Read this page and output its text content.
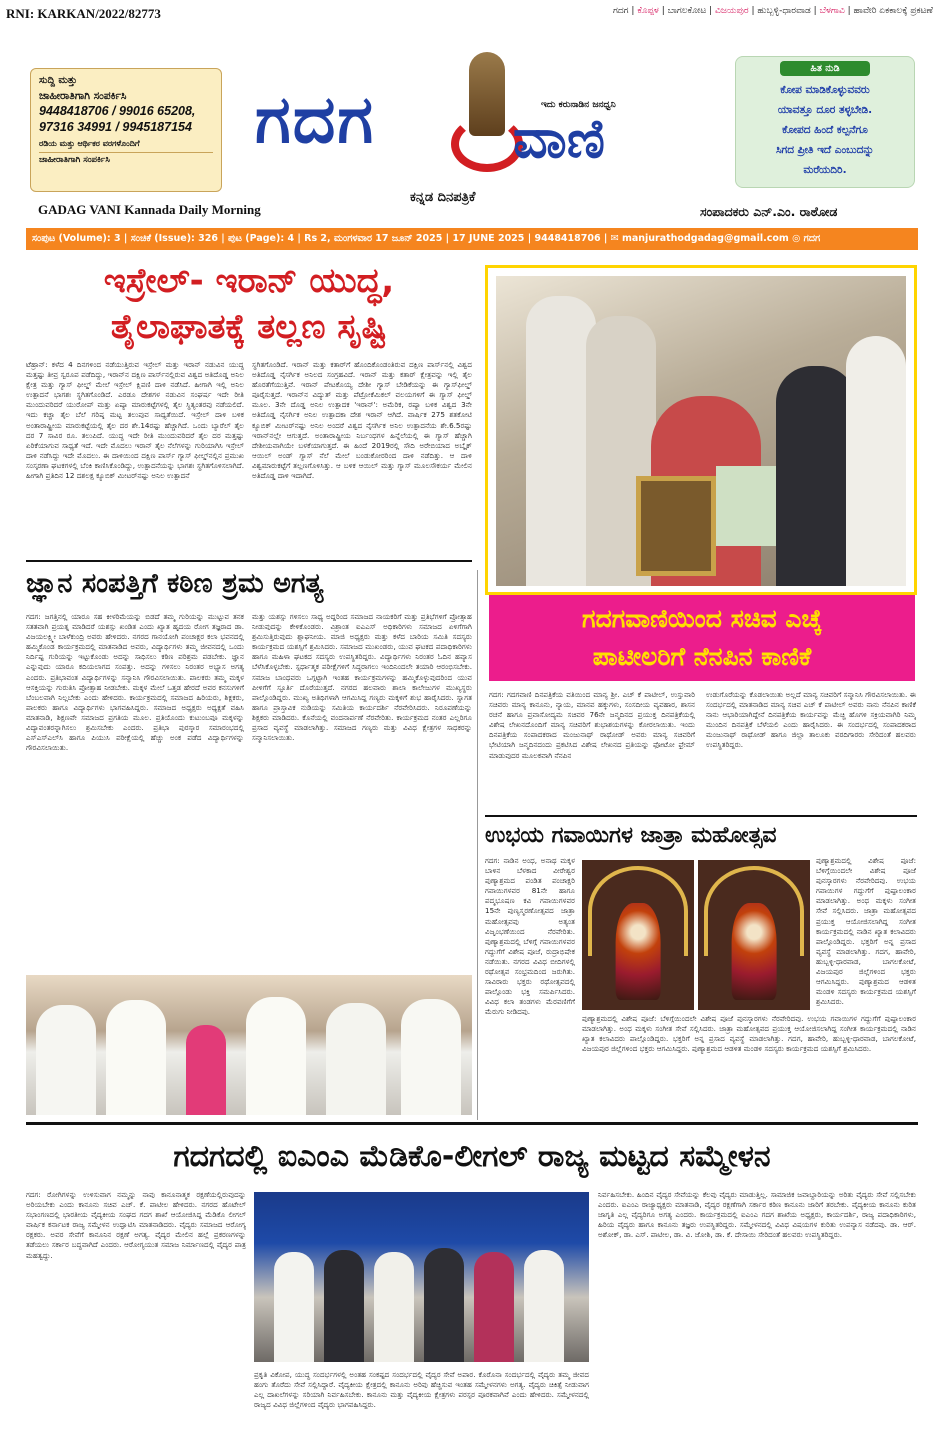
RNI: KARKAN/2022/82773	ಗದಗ | ಕೊಪ್ಪಳ | ಬಾಗಲಕೋಟ | ವಿಜಯಪುರ | ಹುಬ್ಬಳ್ಳಿ-ಧಾರವಾಡ | ಬೆಳಗಾವಿ | ಹಾವೇರಿ ಏಕಕಾಲಕ್ಕೆ ಪ್ರಕಟಣೆ
ಸುದ್ದಿ ಮತ್ತು
ಜಾಹೀರಾತಿಗಾಗಿ ಸಂಪರ್ಕಿಸಿ
9448418706 / 99016 65208,
97316 34991 / 9945187154
ರಡಿಯ ಮತ್ತು ಆರ್ಥಿಕರ ವರಗಳೊಂದಿಗೆ
ಜಾಹೀರಾತಿಗಾಗಿ ಸಂಪರ್ಕಿಸಿ
ಗದಗ	ಇದು ಕರುನಾಡಿನ ಜನಧ್ವನಿ
ವಾಣಿ
ಹಿತ ನುಡಿ
ಕೋಪ ಮಾಡಿಕೊಳ್ಳುವವರು
ಯಾವತ್ತೂ ದೂರ ತಳ್ಳಬೇಡಿ.
ಕೋಪದ ಹಿಂದೆ ಕಲ್ಪನೆಗೂ
ಸಿಗದ ಪ್ರೀತಿ ಇದೆ ಎಂಬುದನ್ನು
ಮರೆಯದಿರಿ.
ಕನ್ನಡ ದಿನಪತ್ರಿಕೆ
GADAG VANI Kannada Daily Morning	ಸಂಪಾದಕರು ಎನ್.ಎಂ. ರಾಠೋಡ
ಸಂಪುಟ (Volume): 3 | ಸಂಚಿಕೆ (Issue): 326 | ಪುಟ (Page): 4 | Rs 2, ಮಂಗಳವಾರ 17 ಜೂನ್ 2025 | 17 JUNE 2025 | 9448418706 | ✉ manjurathodgadag@gmail.com ◎ ಗದಗ
ಇಸ್ರೇಲ್- ಇರಾನ್ ಯುದ್ಧ,
ತೈಲಾಘಾತಕ್ಕೆ ತಲ್ಲಣ ಸೃಷ್ಟಿ
ಟೆಹ್ರಾನ್: ಕಳೆದ 4 ದಿನಗಳಿಂದ ನಡೆಯುತ್ತಿರುವ ಇಸ್ರೇಲ್ ಮತ್ತು ಇರಾನ್ ನಡುವಿನ ಯುದ್ಧ ಮತ್ತಷ್ಟು ತೀವ್ರ ಸ್ವರೂಪ ಪಡೆದಿದ್ದು, ಇರಾನ್‌ನ ದಕ್ಷಿಣ ಪಾರ್ಸ್‌ನಲ್ಲಿರುವ ವಿಶ್ವದ ಅತಿದೊಡ್ಡ ಅನಿಲ ಕ್ಷೇತ್ರ ಮತ್ತು ಗ್ಯಾಸ್ ಫೀಲ್ಡ್ ಮೇಲೆ ಇಸ್ರೇಲ್ ಕ್ಷಿಪಣಿ ದಾಳಿ ನಡೆಸಿದೆ. ಹೀಗಾಗಿ ಇಲ್ಲಿ ಅನಿಲ ಉತ್ಪಾದನೆ ಭಾಗಶಃ ಸ್ಥಗಿತಗೊಂಡಿದೆ. ಎರಡೂ ದೇಶಗಳ ನಡುವಿನ ಸಂಘರ್ಷ ಇದೇ ರೀತಿ ಮುಂದುವರಿದರೆ ಯುರೋಪ್ ಮತ್ತು ಏಷ್ಯಾ ಮಾರುಕಟ್ಟೆಗಳಲ್ಲಿ ತೈಲ ಸ್ಥಿತ್ಯಂತರವು ನಡೆಯಲಿದೆ. ಇದು ಕಚ್ಚಾ ತೈಲ ಬೆಲೆ ಗರಿಷ್ಠ ಮಟ್ಟ ತಲುಪುವ ಸಾಧ್ಯತೆಯಿದೆ. ಇಸ್ರೇಲ್ ದಾಳಿ ಬಳಿಕ ಅಂತಾರಾಷ್ಟ್ರೀಯ ಮಾರುಕಟ್ಟೆಯಲ್ಲಿ ತೈಲ ದರ ಶೇ.14ರಷ್ಟು ಹೆಚ್ಚಾಗಿದೆ. ಒಂದು ಬ್ಯಾರೆಲ್ ತೈಲ ದರ 7 ಸಾವಿರ ರೂ. ತಲುಪಿದೆ. ಯುದ್ಧ ಇದೇ ರೀತಿ ಮುಂದುವರಿದರೆ ತೈಲ ದರ ಮತ್ತಷ್ಟು ಏರಿಕೆಯಾಗುವ ಸಾಧ್ಯತೆ ಇದೆ. ಇದೇ ಮೊದಲು ಇರಾನ್ ತೈಲ ನೆಲೆಗಳನ್ನು ಗುರಿಯಾಗಿಸಿ ಇಸ್ರೇಲ್ ದಾಳಿ ನಡೆಸಿದ್ದು ಇದೇ ಮೊದಲು. ಈ ದಾಳಿಯಿಂದ ದಕ್ಷಿಣ ಪಾರ್ಸ್ ಗ್ಯಾಸ್ ಫೀಲ್ಡ್‌ನಲ್ಲಿನ ಪ್ರಮುಖ ಸಂಸ್ಕರಣಾ ಘಟಕಗಳಲ್ಲಿ ಬೆಂಕಿ ಕಾಣಿಸಿಕೊಂಡಿದ್ದು, ಉತ್ಪಾದನೆಯನ್ನು ಭಾಗಶಃ ಸ್ಥಗಿತಗೊಳಿಸಲಾಗಿದೆ. ಹೀಗಾಗಿ ಪ್ರತಿದಿನ 12 ದಶಲಕ್ಷ ಕ್ಯೂಬಿಕ್ ಮೀಟರ್‌ನಷ್ಟು ಅನಿಲ ಉತ್ಪಾದನೆ
ಸ್ಥಗಿತಗೊಂಡಿದೆ. ಇರಾನ್ ಮತ್ತು ಕತಾರ್‌ಗೆ ಹೊಂದಿಕೊಂಡಂತಿರುವ ದಕ್ಷಿಣ ಪಾರ್ಸ್‌ನಲ್ಲಿ ವಿಶ್ವದ ಅತಿದೊಡ್ಡ ನೈಸರ್ಗಿಕ ಅನಿಲದ ಸಂಗ್ರಹವಿದೆ. ಇರಾನ್ ಮತ್ತು ಕತಾರ್ ಕ್ಷೇತ್ರವನ್ನು ಇಲ್ಲಿ ತೈಲ ಹೊರತೆಗೆಯುತ್ತಿವೆ. ಇರಾನ್ ಪೇಟಕೊಯ್ಯ ದೇಶೀ ಗ್ಯಾಸ್ ಬೇಡಿಕೆಯನ್ನು ಈ ಗ್ಯಾಸ್‌ಫೀಲ್ಡ್ ಪೂರೈಸುತ್ತದೆ. ಇರಾನ್‌ನ ವಿದ್ಯುತ್ ಮತ್ತು ಪೆಟ್ರೋಕೆಮಿಕಲ್ ವಲಯಗಳಿಗೆ ಈ ಗ್ಯಾಸ್ ಫೀಲ್ಡ್ ಮೂಲ. 3ನೇ ದೊಡ್ಡ ಅನಿಲ ಉತ್ಪಾದಕ 'ಇರಾನ್': ಅಮೆರಿಕ, ರಷ್ಯಾ ಬಳಿಕ ವಿಶ್ವದ 3ನೇ ಅತಿದೊಡ್ಡ ನೈಸರ್ಗಿಕ ಅನಿಲ ಉತ್ಪಾದಕಾ ದೇಶ ಇರಾನ್ ಆಗಿದೆ. ವಾರ್ಷಿಕ 275 ಶತಕೋಟಿ ಕ್ಯೂಬಿಕ್ ಮೀಟರ್‌ನಷ್ಟು ಅನಿಲ ಅಂದರೆ ವಿಶ್ವದ ನೈಸರ್ಗಿಕ ಅನಿಲ ಉತ್ಪಾದನೆಯ ಶೇ.6.5ರಷ್ಟು ಇರಾನ್‌ನಲ್ಲೇ ಆಗುತ್ತದೆ. ಅಂತಾರಾಷ್ಟ್ರೀಯ ನಿರ್ಬಂಧಗಳ ಹಿನ್ನೆಲೆಯಲ್ಲಿ ಈ ಗ್ಯಾಸ್ ಹೆಚ್ಚಾಗಿ ದೇಶೀಯವಾಗಿಯೇ ಬಳಕೆಯಾಗುತ್ತದೆ. ಈ ಹಿಂದೆ 2019ರಲ್ಲಿ ಸೌದಿ ಅರೇಬಿಯಾದ ಅಬ್ಕೈಕ್ ಆಯಿಲ್ ಅಂಡ್ ಗ್ಯಾಸ್ ನೆಲೆ ಮೇಲೆ ಬಂಡುಕೋರರಿಂದ ದಾಳಿ ನಡೆದಿತ್ತು. ಆ ದಾಳಿ ವಿಶ್ವಮಾರುಕಟ್ಟೆಗೆ ತಲ್ಲಣಗೊಳಿಸಿತ್ತು. ಆ ಬಳಿಕ ಆಯಿಲ್ ಮತ್ತು ಗ್ಯಾಸ್ ಮೂಲಸೌಕರ್ಯ ಮೇಲಿನ ಅತಿದೊಡ್ಡ ದಾಳಿ ಇದಾಗಿದೆ.
ಗದಗವಾಣಿಯಿಂದ ಸಚಿವ ಎಚ್ಕೆ
ಪಾಟೀಲರಿಗೆ ನೆನಪಿನ ಕಾಣಿಕೆ
ಗದಗ: ಗದಗವಾಣಿ ದಿನಪತ್ರಿಕೆಯ ವತಿಯಿಂದ ಮಾನ್ಯ ಶ್ರೀ. ಎಚ್ ಕೆ ಪಾಟೀಲ್, ಉಸ್ತುವಾರಿ ಸಚಿವರು ಮಾನ್ಯ ಕಾನೂನು, ನ್ಯಾಯ, ಮಾನವ ಹಕ್ಕುಗಳು, ಸಂಸದೀಯ ವ್ಯವಹಾರ, ಶಾಸನ ರಚನೆ ಹಾಗೂ ಪ್ರವಾಸೋದ್ಯಮ ಸಚಿವರ 76ನೇ ಜನ್ಮದಿನದ ಪ್ರಯುಕ್ತ ದಿನಪತ್ರಿಕೆಯಲ್ಲಿ ವಿಶೇಷ ಲೇಖನದೊಂದಿಗೆ ಮಾನ್ಯ ಸಚಿವರಿಗೆ ಶುಭಾಶಯಗಳನ್ನು ಕೋರಲಾಯಿತು. ಇಂದು ದಿನಪತ್ರಿಕೆಯ ಸಂಪಾದಕರಾದ ಮಂಜುನಾಥ್ ರಾಥೋಡ್ ಅವರು ಮಾನ್ಯ ಸಚಿವರಿಗೆ ಭೇಟಿಯಾಗಿ ಜನ್ಮದಿನದಂದು ಪ್ರಕಟಿಸಿದ ವಿಶೇಷ ಲೇಖನದ ಪ್ರತಿಯನ್ನು ಫೋಟೋ ಫ್ರೇಮ್ ಮಾಡುವುದರ ಮೂಲಕವಾಗಿ ನೆನಪಿನ
ಉಡುಗೊರೆಯನ್ನು ಕೊಡಲಾಯಿತು ಅಲ್ಲದೆ ಮಾನ್ಯ ಸಚಿವರಿಗೆ ಸನ್ಮಾನಿಸಿ ಗೌರವಿಸಲಾಯಿತು. ಈ ಸಂದರ್ಭದಲ್ಲಿ ಮಾತನಾಡಿದ ಮಾನ್ಯ ಸಚಿವ ಎಚ್ ಕೆ ಪಾಟೀಲ್ ಅವರು ನಾನು ನೆನಪಿನ ಕಾಣಿಕೆ ನಾನು ಆಭಾರಿಯಾಗಿದ್ದೇನೆ ದಿನಪತ್ರಿಕೆಯ ಕಾರ್ಯವನ್ನು ಮೆಚ್ಚಿ ಹೊಗಳಿ ಸಕ್ರಿಯವಾಗಿರಿ ನಿಮ್ಮ ಮುಂದಿನ ದಿನಪತ್ರಿಕೆ ಬೆಳೆಯಲಿ ಎಂದು ಹಾರೈಸಿದರು. ಈ ಸಂದರ್ಭದಲ್ಲಿ ಸಂಪಾದಕರಾದ ಮಂಜುನಾಥ್ ರಾಥೋಡ್ ಹಾಗೂ ಜಿಲ್ಲಾ ತಾಲೂಕು ವರದಿಗಾರರು ಸೇರಿದಂತೆ ಹಲವರು ಉಪಸ್ಥಿತರಿದ್ದರು.
ಜ್ಞಾನ ಸಂಪತ್ತಿಗೆ ಕಠಿಣ ಶ್ರಮ ಅಗತ್ಯ
ಗದಗ: ಜಗತ್ತಿನಲ್ಲಿ ಯಾರೂ ಸಹ ಕೀಳರಿಮೆಯನ್ನು ಬಿಡದೆ ತಮ್ಮ ಗುರಿಯನ್ನು ಮುಟ್ಟುವ ತನಕ ಸತತವಾಗಿ ಪ್ರಯತ್ನ ಮಾಡಿದರೆ ಯಶಸ್ಸು ಖಂಡಿತ ಎಂದು ಖ್ಯಾತ ಹೃದಯ ರೋಗ ತಜ್ಞರಾದ ಡಾ. ವಿಜಯಲಕ್ಷ್ಮೀ ಬಾಳೆಕುಂದ್ರಿ ಅವರು ಹೇಳಿದರು. ನಗರದ ಗಾನಯೋಗಿ ಪಂಚಾಕ್ಷರ ಕಲಾ ಭವನದಲ್ಲಿ ಹಮ್ಮಿಕೊಂಡ ಕಾರ್ಯಕ್ರಮದಲ್ಲಿ ಮಾತನಾಡಿದ ಅವರು, ವಿದ್ಯಾರ್ಥಿಗಳು ತಮ್ಮ ಜೀವನದಲ್ಲಿ ಒಂದು ನಿರ್ದಿಷ್ಟ ಗುರಿಯನ್ನು ಇಟ್ಟುಕೊಂಡು ಅದನ್ನು ಸಾಧಿಸಲು ಕಠಿಣ ಪರಿಶ್ರಮ ಪಡಬೇಕು. ಜ್ಞಾನ ಎನ್ನುವುದು ಯಾರೂ ಕದಿಯಲಾಗದ ಸಂಪತ್ತು. ಅದನ್ನು ಗಳಿಸಲು ನಿರಂತರ ಅಭ್ಯಾಸ ಅಗತ್ಯ ಎಂದರು. ಪ್ರತಿಭಾವಂತ ವಿದ್ಯಾರ್ಥಿಗಳನ್ನು ಸನ್ಮಾನಿಸಿ ಗೌರವಿಸಲಾಯಿತು. ಪಾಲಕರು ತಮ್ಮ ಮಕ್ಕಳ ಆಸಕ್ತಿಯನ್ನು ಗುರುತಿಸಿ ಪ್ರೋತ್ಸಾಹ ನೀಡಬೇಕು. ಮಕ್ಕಳ ಮೇಲೆ ಒತ್ತಡ ಹೇರದೆ ಅವರ ಕನಸುಗಳಿಗೆ ಬೆಂಬಲವಾಗಿ ನಿಲ್ಲಬೇಕು ಎಂದು ಹೇಳಿದರು. ಕಾರ್ಯಕ್ರಮದಲ್ಲಿ ಸಮಾಜದ ಹಿರಿಯರು, ಶಿಕ್ಷಕರು, ಪಾಲಕರು ಹಾಗೂ ವಿದ್ಯಾರ್ಥಿಗಳು ಭಾಗವಹಿಸಿದ್ದರು. ಸಮಾಜದ ಅಧ್ಯಕ್ಷರು ಅಧ್ಯಕ್ಷತೆ ವಹಿಸಿ ಮಾತನಾಡಿ, ಶಿಕ್ಷಣವೇ ಸಮಾಜದ ಪ್ರಗತಿಯ ಮೂಲ. ಪ್ರತಿಯೊಂದು ಕುಟುಂಬವೂ ಮಕ್ಕಳನ್ನು ವಿದ್ಯಾವಂತರನ್ನಾಗಿಸಲು ಶ್ರಮಿಸಬೇಕು ಎಂದರು. ಪ್ರತಿಭಾ ಪುರಸ್ಕಾರ ಸಮಾರಂಭದಲ್ಲಿ ಎಸ್‌ಎಸ್‌ಎಲ್‌ಸಿ ಹಾಗೂ ಪಿಯುಸಿ ಪರೀಕ್ಷೆಯಲ್ಲಿ ಹೆಚ್ಚು ಅಂಕ ಪಡೆದ ವಿದ್ಯಾರ್ಥಿಗಳನ್ನು ಗೌರವಿಸಲಾಯಿತು.
ಮತ್ತು ಯಶಸ್ಸು ಗಳಿಸಲು ಸಾಧ್ಯ ಅದ್ದರಿಂದ ಸಮಾಜದ ನಾಯಕರಿಗೆ ಮತ್ತು ಪ್ರತಿಭೆಗಳಿಗೆ ಪ್ರೋತ್ಸಾಹ ನೀಡುವುದನ್ನು ಕೇಳಿಕೊಂಡರು. ವಿಶ್ರಾಂತ ಐಎಎಸ್ ಅಧಿಕಾರಿಗಳು ಸಮಾಜದ ಏಳಿಗೆಗಾಗಿ ಶ್ರಮಿಸುತ್ತಿರುವುದು ಶ್ಲಾಘನೀಯ. ಮಾಜಿ ಅಧ್ಯಕ್ಷರು ಮತ್ತು ಕಳೆದ ಬಾರಿಯ ಸಮಿತಿ ಸದಸ್ಯರು ಕಾರ್ಯಕ್ರಮದ ಯಶಸ್ಸಿಗೆ ಶ್ರಮಿಸಿದರು. ಸಮಾಜದ ಮುಖಂಡರು, ಯುವ ಘಟಕದ ಪದಾಧಿಕಾರಿಗಳು ಹಾಗೂ ಮಹಿಳಾ ಘಟಕದ ಸದಸ್ಯರು ಉಪಸ್ಥಿತರಿದ್ದರು. ವಿದ್ಯಾರ್ಥಿಗಳು ನಿರಂತರ ಓದಿನ ಹವ್ಯಾಸ ಬೆಳೆಸಿಕೊಳ್ಳಬೇಕು. ಸ್ಪರ್ಧಾತ್ಮಕ ಪರೀಕ್ಷೆಗಳಿಗೆ ಸಿದ್ಧರಾಗಲು ಇಂದಿನಿಂದಲೇ ತಯಾರಿ ಆರಂಭಿಸಬೇಕು. ಸಮಾಜ ಬಾಂಧವರು ಒಗ್ಗಟ್ಟಾಗಿ ಇಂತಹ ಕಾರ್ಯಕ್ರಮಗಳನ್ನು ಹಮ್ಮಿಕೊಳ್ಳುವುದರಿಂದ ಯುವ ಪೀಳಿಗೆಗೆ ಸ್ಫೂರ್ತಿ ದೊರೆಯುತ್ತದೆ. ನಗರದ ಹಲವಾರು ಶಾಲಾ ಕಾಲೇಜುಗಳ ಮುಖ್ಯಸ್ಥರು ಪಾಲ್ಗೊಂಡಿದ್ದರು. ಮುಖ್ಯ ಅತಿಥಿಗಳಾಗಿ ಆಗಮಿಸಿದ್ದ ಗಣ್ಯರು ಮಕ್ಕಳಿಗೆ ಶುಭ ಹಾರೈಸಿದರು. ಸ್ವಾಗತ ಹಾಗೂ ಪ್ರಾಸ್ತಾವಿಕ ನುಡಿಯನ್ನು ಸಮಿತಿಯ ಕಾರ್ಯದರ್ಶಿ ನೆರವೇರಿಸಿದರು. ನಿರೂಪಣೆಯನ್ನು ಶಿಕ್ಷಕರು ಮಾಡಿದರು. ಕೊನೆಯಲ್ಲಿ ವಂದನಾರ್ಪಣೆ ನೆರವೇರಿತು. ಕಾರ್ಯಕ್ರಮದ ನಂತರ ಎಲ್ಲರಿಗೂ ಪ್ರಸಾದ ವ್ಯವಸ್ಥೆ ಮಾಡಲಾಗಿತ್ತು. ಸಮಾಜದ ಗಣ್ಯರು ಮತ್ತು ವಿವಿಧ ಕ್ಷೇತ್ರಗಳ ಸಾಧಕರನ್ನು ಸನ್ಮಾನಿಸಲಾಯಿತು.
ಉಭಯ ಗವಾಯಿಗಳ ಜಾತ್ರಾ ಮಹೋತ್ಸವ
ಗದಗ: ನಾಡಿನ ಅಂಧ, ಅನಾಥ ಮಕ್ಕಳ ಬಾಳಿನ ಬೆಳಕಾದ ವೀರೇಶ್ವರ ಪುಣ್ಯಾಶ್ರಮದ ಪಂಡಿತ ಪಂಚಾಕ್ಷರಿ ಗವಾಯಿಗಳವರ 81ನೇ ಹಾಗೂ ಪದ್ಮಭೂಷಣ ಕವಿ ಗವಾಯಿಗಳವರ 15ನೇ ಪುಣ್ಯಸ್ಮರಣೋತ್ಸವದ ಜಾತ್ರಾ ಮಹೋತ್ಸವವು ಅತ್ಯಂತ ವಿಜೃಂಭಣೆಯಿಂದ ನೆರವೇರಿತು. ಪುಣ್ಯಾಶ್ರಮದಲ್ಲಿ ಬೆಳಿಗ್ಗೆ ಗವಾಯಿಗಳವರ ಗದ್ದುಗೆಗೆ ವಿಶೇಷ ಪೂಜೆ, ರುದ್ರಾಭಿಷೇಕ ನಡೆಯಿತು. ನಗರದ ವಿವಿಧ ಬೀದಿಗಳಲ್ಲಿ ರಥೋತ್ಸವ ಸಂಭ್ರಮದಿಂದ ಜರುಗಿತು. ಸಾವಿರಾರು ಭಕ್ತರು ರಥೋತ್ಸವದಲ್ಲಿ ಪಾಲ್ಗೊಂಡು ಭಕ್ತಿ ಸಮರ್ಪಿಸಿದರು. ವಿವಿಧ ಕಲಾ ತಂಡಗಳು ಮೆರವಣಿಗೆಗೆ ಮೆರುಗು ನೀಡಿದವು.
ಪುಣ್ಯಾಶ್ರಮದಲ್ಲಿ ವಿಶೇಷ ಪೂಜೆ: ಬೆಳಿಗ್ಗೆಯಿಂದಲೇ ವಿಶೇಷ ಪೂಜೆ ಪುನಸ್ಕಾರಗಳು ನೆರವೇರಿದವು. ಉಭಯ ಗವಾಯಿಗಳ ಗದ್ದುಗೆಗೆ ಪುಷ್ಪಾಲಂಕಾರ ಮಾಡಲಾಗಿತ್ತು. ಅಂಧ ಮಕ್ಕಳು ಸಂಗೀತ ಸೇವೆ ಸಲ್ಲಿಸಿದರು. ಜಾತ್ರಾ ಮಹೋತ್ಸವದ ಪ್ರಯುಕ್ತ ಆಯೋಜಿಸಲಾಗಿದ್ದ ಸಂಗೀತ ಕಾರ್ಯಕ್ರಮದಲ್ಲಿ ನಾಡಿನ ಖ್ಯಾತ ಕಲಾವಿದರು ಪಾಲ್ಗೊಂಡಿದ್ದರು. ಭಕ್ತರಿಗೆ ಅನ್ನ ಪ್ರಸಾದ ವ್ಯವಸ್ಥೆ ಮಾಡಲಾಗಿತ್ತು. ಗದಗ, ಹಾವೇರಿ, ಹುಬ್ಬಳ್ಳಿ-ಧಾರವಾಡ, ಬಾಗಲಕೋಟೆ, ವಿಜಯಪುರ ಜಿಲ್ಲೆಗಳಿಂದ ಭಕ್ತರು ಆಗಮಿಸಿದ್ದರು. ಪುಣ್ಯಾಶ್ರಮದ ಆಡಳಿತ ಮಂಡಳಿ ಸದಸ್ಯರು ಕಾರ್ಯಕ್ರಮದ ಯಶಸ್ಸಿಗೆ ಶ್ರಮಿಸಿದರು.
ಪುಣ್ಯಾಶ್ರಮದಲ್ಲಿ ವಿಶೇಷ ಪೂಜೆ: ಬೆಳಿಗ್ಗೆಯಿಂದಲೇ ವಿಶೇಷ ಪೂಜೆ ಪುನಸ್ಕಾರಗಳು ನೆರವೇರಿದವು. ಉಭಯ ಗವಾಯಿಗಳ ಗದ್ದುಗೆಗೆ ಪುಷ್ಪಾಲಂಕಾರ ಮಾಡಲಾಗಿತ್ತು. ಅಂಧ ಮಕ್ಕಳು ಸಂಗೀತ ಸೇವೆ ಸಲ್ಲಿಸಿದರು. ಜಾತ್ರಾ ಮಹೋತ್ಸವದ ಪ್ರಯುಕ್ತ ಆಯೋಜಿಸಲಾಗಿದ್ದ ಸಂಗೀತ ಕಾರ್ಯಕ್ರಮದಲ್ಲಿ ನಾಡಿನ ಖ್ಯಾತ ಕಲಾವಿದರು ಪಾಲ್ಗೊಂಡಿದ್ದರು. ಭಕ್ತರಿಗೆ ಅನ್ನ ಪ್ರಸಾದ ವ್ಯವಸ್ಥೆ ಮಾಡಲಾಗಿತ್ತು. ಗದಗ, ಹಾವೇರಿ, ಹುಬ್ಬಳ್ಳಿ-ಧಾರವಾಡ, ಬಾಗಲಕೋಟೆ, ವಿಜಯಪುರ ಜಿಲ್ಲೆಗಳಿಂದ ಭಕ್ತರು ಆಗಮಿಸಿದ್ದರು. ಪುಣ್ಯಾಶ್ರಮದ ಆಡಳಿತ ಮಂಡಳಿ ಸದಸ್ಯರು ಕಾರ್ಯಕ್ರಮದ ಯಶಸ್ಸಿಗೆ ಶ್ರಮಿಸಿದರು.
ಗದಗದಲ್ಲಿ ಐಎಂಎ ಮೆಡಿಕೊ-ಲೀಗಲ್ ರಾಜ್ಯ ಮಟ್ಟದ ಸಮ್ಮೇಳನ
ಗದಗ: ರೋಗಿಗಳನ್ನು ಉಳಿಸುವಾಗ ನಮ್ಮನ್ನು ನಾವು ಕಾನೂನಾತ್ಮಕ ರಕ್ಷಣೆಯಲ್ಲಿರುವುದನ್ನು ಅರಿಯಬೇಕು ಎಂದು ಕಾನೂನು ಸಚಿವ ಎಚ್. ಕೆ. ಪಾಟೀಲ ಹೇಳಿದರು. ನಗರದ ಹೊಟೇಲ್ ಸಭಾಂಗಣದಲ್ಲಿ ಭಾರತೀಯ ವೈದ್ಯಕೀಯ ಸಂಘದ ಗದಗ ಶಾಖೆ ಆಯೋಜಿಸಿದ್ದ ಮೆಡಿಕೊ ಲೀಗಲ್ ವಾರ್ಷಿಕ ಕರ್ನಾಟಕ ರಾಜ್ಯ ಸಮ್ಮೇಳನ ಉದ್ಘಾಟಿಸಿ ಮಾತನಾಡಿದರು. ವೈದ್ಯರು ಸಮಾಜದ ಆರೋಗ್ಯ ರಕ್ಷಕರು. ಅವರ ಸೇವೆಗೆ ಕಾನೂನಿನ ರಕ್ಷಣೆ ಅಗತ್ಯ. ವೈದ್ಯರ ಮೇಲಿನ ಹಲ್ಲೆ ಪ್ರಕರಣಗಳನ್ನು ತಡೆಯಲು ಸರ್ಕಾರ ಬದ್ಧವಾಗಿದೆ ಎಂದರು. ಆರೋಗ್ಯಯುತ ಸಮಾಜ ನಿರ್ಮಾಣದಲ್ಲಿ ವೈದ್ಯರ ಪಾತ್ರ ಮಹತ್ವದ್ದು.
ಪ್ರಕೃತಿ ವಿಕೋಪ, ಯುದ್ಧ ಸಂದರ್ಭಗಳಲ್ಲಿ ಅಂತಹ ಸಂಕಷ್ಟದ ಸಂದರ್ಭದಲ್ಲಿ ವೈದ್ಯರ ಸೇವೆ ಅಪಾರ. ಕೊರೊನಾ ಸಂದರ್ಭದಲ್ಲಿ ವೈದ್ಯರು ತಮ್ಮ ಜೀವದ ಹಂಗು ತೊರೆದು ಸೇವೆ ಸಲ್ಲಿಸಿದ್ದಾರೆ. ವೈದ್ಯಕೀಯ ಕ್ಷೇತ್ರದಲ್ಲಿ ಕಾನೂನು ಅರಿವು ಹೆಚ್ಚಿಸುವ ಇಂತಹ ಸಮ್ಮೇಳನಗಳು ಅಗತ್ಯ. ವೈದ್ಯರು ಚಿಕಿತ್ಸೆ ನೀಡುವಾಗ ಎಲ್ಲ ದಾಖಲೆಗಳನ್ನು ಸರಿಯಾಗಿ ನಿರ್ವಹಿಸಬೇಕು. ಕಾನೂನು ಮತ್ತು ವೈದ್ಯಕೀಯ ಕ್ಷೇತ್ರಗಳು ಪರಸ್ಪರ ಪೂರಕವಾಗಿವೆ ಎಂದು ಹೇಳಿದರು. ಸಮ್ಮೇಳನದಲ್ಲಿ ರಾಜ್ಯದ ವಿವಿಧ ಜಿಲ್ಲೆಗಳಿಂದ ವೈದ್ಯರು ಭಾಗವಹಿಸಿದ್ದರು.
ನಿರ್ವಹಿಸಬೇಕು. ಹಿಂದಿನ ವೈದ್ಯರ ಸೇವೆಯನ್ನು ಕೆಲವು ವೈದ್ಯರು ಮಾಡುತ್ತಿಲ್ಲ. ಸಾಮಾಜಿಕ ಜವಾಬ್ದಾರಿಯನ್ನು ಅರಿತು ವೈದ್ಯರು ಸೇವೆ ಸಲ್ಲಿಸಬೇಕು ಎಂದರು. ಐಎಂಎ ರಾಜ್ಯಾಧ್ಯಕ್ಷರು ಮಾತನಾಡಿ, ವೈದ್ಯರ ರಕ್ಷಣೆಗಾಗಿ ಸರ್ಕಾರ ಕಠಿಣ ಕಾನೂನು ಜಾರಿಗೆ ತರಬೇಕು. ವೈದ್ಯಕೀಯ ಕಾನೂನು ಕುರಿತ ಜಾಗೃತಿ ಎಲ್ಲ ವೈದ್ಯರಿಗೂ ಅಗತ್ಯ ಎಂದರು. ಕಾರ್ಯಕ್ರಮದಲ್ಲಿ ಐಎಂಎ ಗದಗ ಶಾಖೆಯ ಅಧ್ಯಕ್ಷರು, ಕಾರ್ಯದರ್ಶಿ, ರಾಜ್ಯ ಪದಾಧಿಕಾರಿಗಳು, ಹಿರಿಯ ವೈದ್ಯರು ಹಾಗೂ ಕಾನೂನು ತಜ್ಞರು ಉಪಸ್ಥಿತರಿದ್ದರು. ಸಮ್ಮೇಳನದಲ್ಲಿ ವಿವಿಧ ವಿಷಯಗಳ ಕುರಿತು ಉಪನ್ಯಾಸ ನಡೆದವು. ಡಾ. ಆರ್. ಅಶೋಕ್, ಡಾ. ಎಸ್. ಪಾಟೀಲ, ಡಾ. ವಿ. ಜೋಶಿ, ಡಾ. ಕೆ. ದೇಸಾಯಿ ಸೇರಿದಂತೆ ಹಲವರು ಉಪಸ್ಥಿತರಿದ್ದರು.
